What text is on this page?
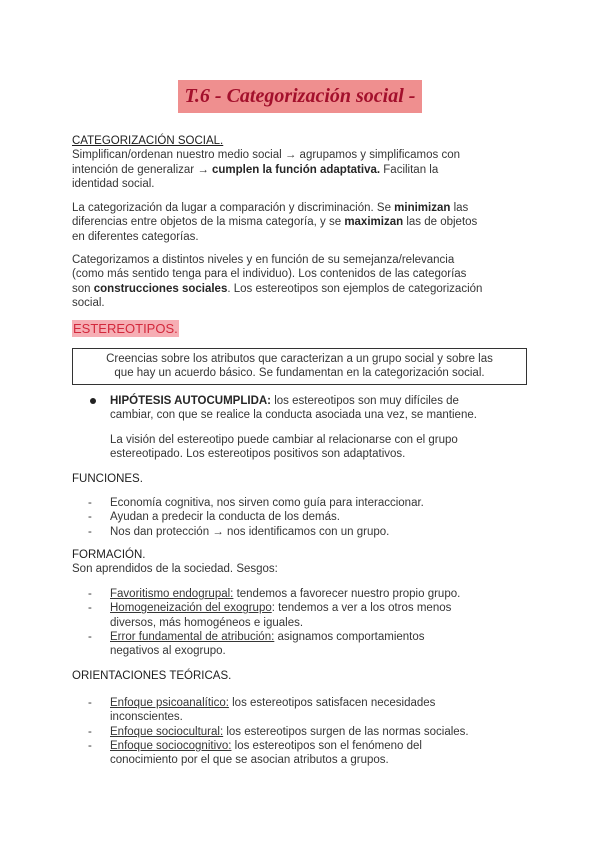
T.6 - Categorización social -
CATEGORIZACIÓN SOCIAL.
Simplifican/ordenan nuestro medio social → agrupamos y simplificamos con
intención de generalizar → cumplen la función adaptativa. Facilitan la
identidad social.
La categorización da lugar a comparación y discriminación. Se minimizan las
diferencias entre objetos de la misma categoría, y se maximizan las de objetos
en diferentes categorías.
Categorizamos a distintos niveles y en función de su semejanza/relevancia
(como más sentido tenga para el individuo). Los contenidos de las categorías
son construcciones sociales. Los estereotipos son ejemplos de categorización
social.
ESTEREOTIPOS.
Creencias sobre los atributos que caracterizan a un grupo social y sobre las
que hay un acuerdo básico. Se fundamentan en la categorización social.
HIPÓTESIS AUTOCUMPLIDA: los estereotipos son muy difíciles de
cambiar, con que se realice la conducta asociada una vez, se mantiene.
La visión del estereotipo puede cambiar al relacionarse con el grupo
estereotipado. Los estereotipos positivos son adaptativos.
FUNCIONES.
- Economía cognitiva, nos sirven como guía para interaccionar.
- Ayudan a predecir la conducta de los demás.
- Nos dan protección → nos identificamos con un grupo.
FORMACIÓN.
Son aprendidos de la sociedad. Sesgos:
- Favoritismo endogrupal: tendemos a favorecer nuestro propio grupo.
- Homogeneización del exogrupo: tendemos a ver a los otros menos
diversos, más homogéneos e iguales.
- Error fundamental de atribución: asignamos comportamientos
negativos al exogrupo.
ORIENTACIONES TEÓRICAS.
- Enfoque psicoanalítico: los estereotipos satisfacen necesidades
inconscientes.
- Enfoque sociocultural: los estereotipos surgen de las normas sociales.
- Enfoque sociocognitivo: los estereotipos son el fenómeno del
conocimiento por el que se asocian atributos a grupos.
